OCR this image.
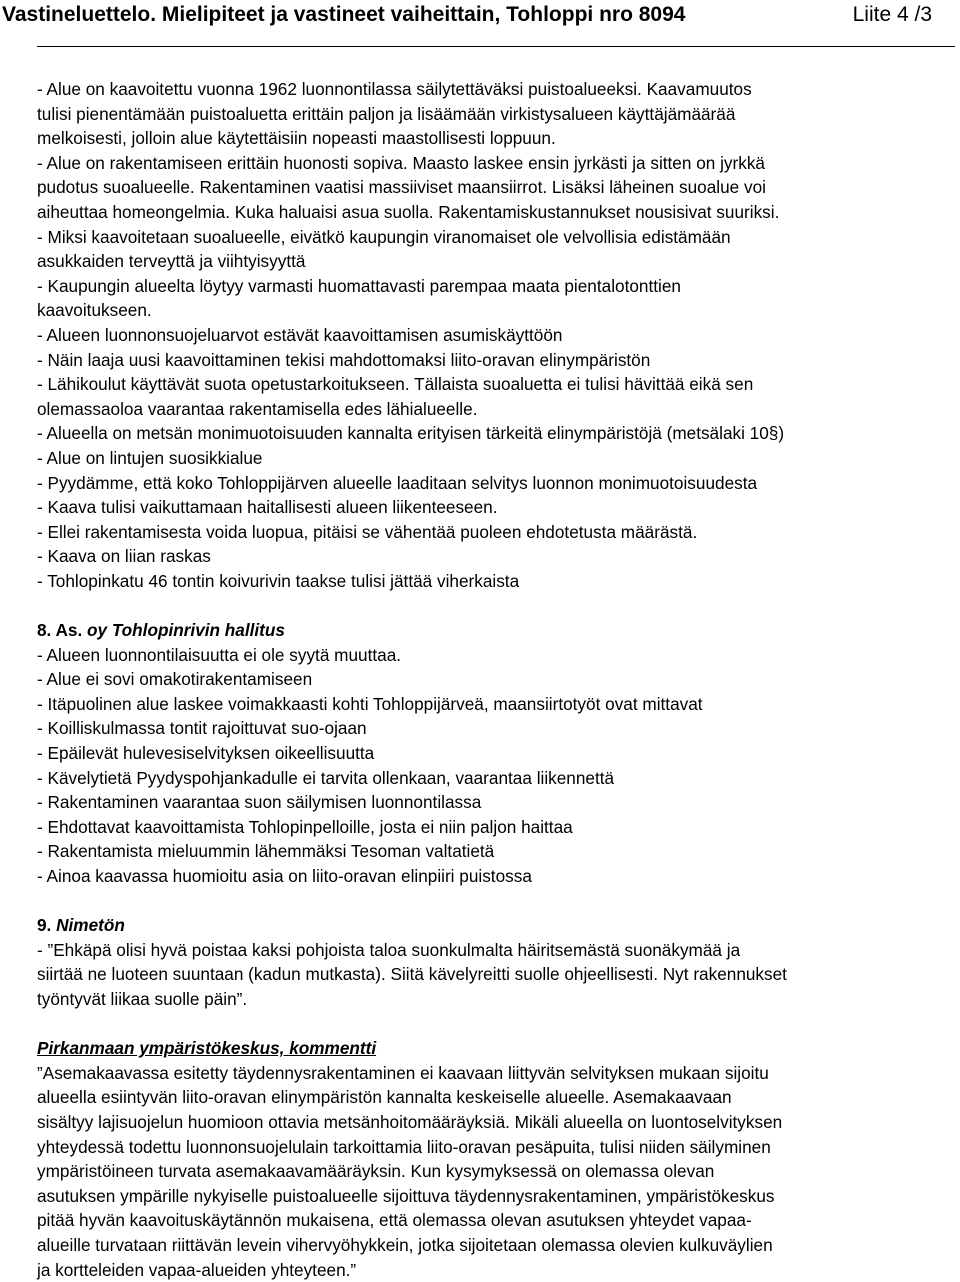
Vastineluettelo. Mielipiteet ja vastineet vaiheittain, Tohloppi nro 8094	Liite 4 /3

- Alue on kaavoitettu vuonna 1962 luonnontilassa säilytettäväksi puistoalueeksi. Kaavamuutos

tulisi pienentämään puistoaluetta erittäin paljon ja lisäämään virkistysalueen käyttäjämäärää

melkoisesti, jolloin alue käytettäisiin nopeasti maastollisesti loppuun.

- Alue on rakentamiseen erittäin huonosti sopiva. Maasto laskee ensin jyrkästi ja sitten on jyrkkä

pudotus suoalueelle. Rakentaminen vaatisi massiiviset maansiirrot. Lisäksi läheinen suoalue voi

aiheuttaa homeongelmia. Kuka haluaisi asua suolla. Rakentamiskustannukset nousisivat suuriksi.

- Miksi kaavoitetaan suoalueelle, eivätkö kaupungin viranomaiset ole velvollisia edistämään

asukkaiden terveyttä ja viihtyisyyttä

- Kaupungin alueelta löytyy varmasti huomattavasti parempaa maata pientalotonttien

kaavoitukseen.

- Alueen luonnonsuojeluarvot estävät kaavoittamisen asumiskäyttöön

- Näin laaja uusi kaavoittaminen tekisi mahdottomaksi liito-oravan elinympäristön

- Lähikoulut käyttävät suota opetustarkoitukseen. Tällaista suoaluetta ei tulisi hävittää eikä sen

olemassaoloa vaarantaa rakentamisella edes lähialueelle.

- Alueella on metsän monimuotoisuuden kannalta erityisen tärkeitä elinympäristöjä (metsälaki 10§)

- Alue on lintujen suosikkialue

- Pyydämme, että koko Tohloppijärven alueelle laaditaan selvitys luonnon monimuotoisuudesta

- Kaava tulisi vaikuttamaan haitallisesti alueen liikenteeseen.

- Ellei rakentamisesta voida luopua, pitäisi se vähentää puoleen ehdotetusta määrästä.

- Kaava on liian raskas

- Tohlopinkatu 46 tontin koivurivin taakse tulisi jättää viherkaista

8. As. oy Tohlopinrivin hallitus

- Alueen luonnontilaisuutta ei ole syytä muuttaa.

- Alue ei sovi omakotirakentamiseen

- Itäpuolinen alue laskee voimakkaasti kohti Tohloppijärveä, maansiirtotyöt ovat mittavat

- Koilliskulmassa tontit rajoittuvat suo-ojaan

- Epäilevät hulevesiselvityksen oikeellisuutta

- Kävelytietä Pyydyspohjankadulle ei tarvita ollenkaan, vaarantaa liikennettä

- Rakentaminen vaarantaa suon säilymisen luonnontilassa

- Ehdottavat kaavoittamista Tohlopinpelloille, josta ei niin paljon haittaa

- Rakentamista mieluummin lähemmäksi Tesoman valtatietä

- Ainoa kaavassa huomioitu asia on liito-oravan elinpiiri puistossa

9. Nimetön

- ”Ehkäpä olisi hyvä poistaa kaksi pohjoista taloa suonkulmalta häiritsemästä suonäkymää ja

siirtää ne luoteen suuntaan (kadun mutkasta). Siitä kävelyreitti suolle ohjeellisesti. Nyt rakennukset

työntyvät liikaa suolle päin”.

Pirkanmaan ympäristökeskus, kommentti

”Asemakaavassa esitetty täydennysrakentaminen ei kaavaan liittyvän selvityksen mukaan sijoitu

alueella esiintyvän liito-oravan elinympäristön kannalta keskeiselle alueelle. Asemakaavaan

sisältyy lajisuojelun huomioon ottavia metsänhoitomääräyksiä. Mikäli alueella on luontoselvityksen

yhteydessä todettu luonnonsuojelulain tarkoittamia liito-oravan pesäpuita, tulisi niiden säilyminen

ympäristöineen turvata asemakaavamääräyksin. Kun kysymyksessä on olemassa olevan

asutuksen ympärille nykyiselle puistoalueelle sijoittuva täydennysrakentaminen, ympäristökeskus

pitää hyvän kaavoituskäytännön mukaisena, että olemassa olevan asutuksen yhteydet vapaa-

alueille turvataan riittävän levein vihervyöhykkein, jotka sijoitetaan olemassa olevien kulkuväylien

ja kortteleiden vapaa-alueiden yhteyteen.”
